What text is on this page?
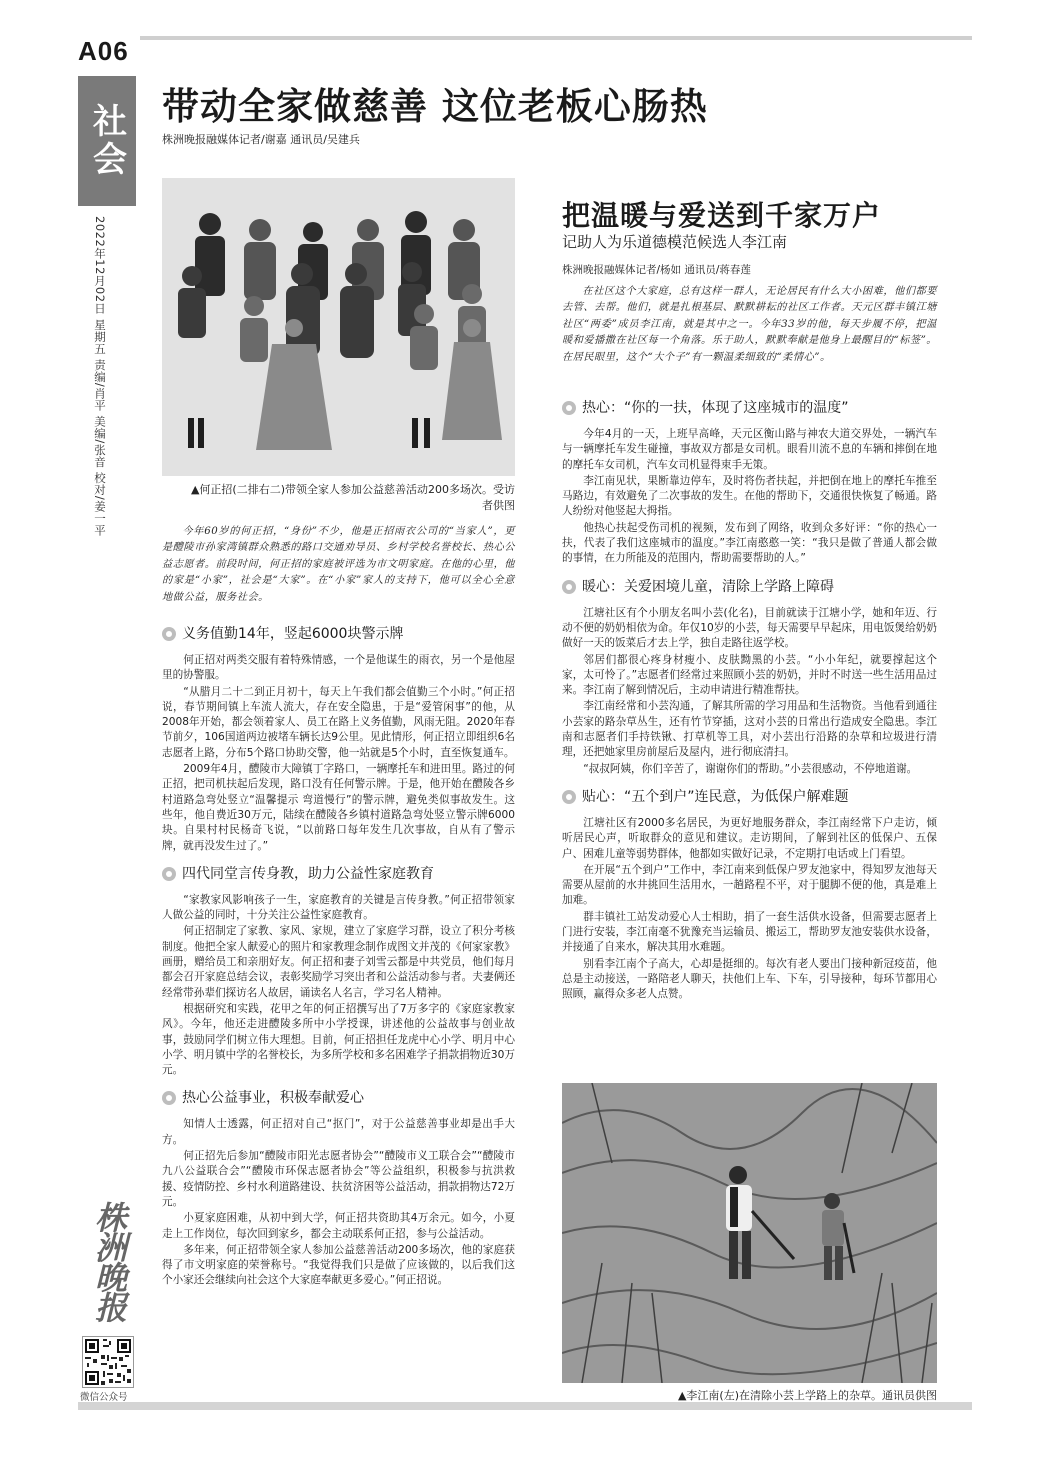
A06
社会
2022年12月02日 星期五 责编/肖平 美编/张音 校对/姜一平
株洲晚报
微信公众号
带动全家做慈善 这位老板心肠热
株洲晚报融媒体记者/谢嘉 通讯员/吴建兵
▲何正招(二排右二)带领全家人参加公益慈善活动200多场次。受访者供图

今年60岁的何正招，“身份”不少，他是正招雨衣公司的“当家人”，更是醴陵市孙家湾镇群众熟悉的路口交通劝导员、乡村学校名誉校长、热心公益志愿者。前段时间，何正招的家庭被评选为市文明家庭。在他的心里，他的家是“小家”，社会是“大家”。在“小家”家人的支持下，他可以全心全意地做公益，服务社会。

义务值勤14年，竖起6000块警示牌

何正招对两类交服有着特殊情感，一个是他谋生的雨衣，另一个是他屋里的协警服。

“从腊月二十二到正月初十，每天上午我们都会值勤三个小时。”何正招说，春节期间镇上车流人流大，存在安全隐患，于是“爱管闲事”的他，从2008年开始，都会领着家人、员工在路上义务值勤，风雨无阻。2020年春节前夕，106国道两边被堵车辆长达9公里。见此情形，何正招立即组织6名志愿者上路，分布5个路口协助交警，他一站就是5个小时，直至恢复通车。

2009年4月，醴陵市大障镇丁字路口，一辆摩托车和进田里。路过的何正招，把司机扶起后发现，路口没有任何警示牌。于是，他开始在醴陵各乡村道路急弯处竖立“温馨提示 弯道慢行”的警示牌，避免类似事故发生。这些年，他自费近30万元，陆续在醴陵各乡镇村道路急弯处竖立警示牌6000块。自果村村民杨奇飞说，“以前路口每年发生几次事故，自从有了警示牌，就再没发生过了。”

四代同堂言传身教，助力公益性家庭教育

“家教家风影响孩子一生，家庭教育的关键是言传身教。”何正招带领家人做公益的同时，十分关注公益性家庭教育。

何正招制定了家教、家风、家规，建立了家庭学习群，设立了积分考核制度。他把全家人献爱心的照片和家教理念制作成图文并茂的《何家家教》画册，赠给员工和亲朋好友。何正招和妻子刘雪云都是中共党员，他们每月都会召开家庭总结会议，表彰奖励学习突出者和公益活动参与者。夫妻俩还经常带孙辈们探访名人故居，诵读名人名言，学习名人精神。

根据研究和实践，花甲之年的何正招撰写出了7万多字的《家庭家教家风》。今年，他还走进醴陵多所中小学授课，讲述他的公益故事与创业故事，鼓励同学们树立伟大理想。目前，何正招担任龙虎中心小学、明月中心小学、明月镇中学的名誉校长，为多所学校和多名困难学子捐款捐物近30万元。

热心公益事业，积极奉献爱心

知情人士透露，何正招对自己“抠门”，对于公益慈善事业却是出手大方。

何正招先后参加“醴陵市阳光志愿者协会”“醴陵市义工联合会”“醴陵市九八公益联合会”“醴陵市环保志愿者协会”等公益组织，积极参与抗洪救援、疫情防控、乡村水利道路建设、扶贫济困等公益活动，捐款捐物达72万元。

小夏家庭困难，从初中到大学，何正招共资助其4万余元。如今，小夏走上工作岗位，每次回到家乡，都会主动联系何正招，参与公益活动。

多年来，何正招带领全家人参加公益慈善活动200多场次，他的家庭获得了市文明家庭的荣誉称号。“我觉得我们只是做了应该做的，以后我们这个小家还会继续向社会这个大家庭奉献更多爱心。”何正招说。

把温暖与爱送到千家万户
记助人为乐道德模范候选人李江南
株洲晚报融媒体记者/杨如 通讯员/蒋春莲

在社区这个大家庭，总有这样一群人，无论居民有什么大小困难，他们都要去管、去帮。他们，就是扎根基层、默默耕耘的社区工作者。天元区群丰镇江塘社区“两委”成员李江南，就是其中之一。今年33岁的他，每天步履不停，把温暖和爱播撒在社区每一个角落。乐于助人，默默奉献是他身上最醒目的“标签”。在居民眼里，这个“大个子”有一颗温柔细致的“柔情心”。

热心：“你的一扶，体现了这座城市的温度”

今年4月的一天，上班早高峰，天元区衡山路与神农大道交界处，一辆汽车与一辆摩托车发生碰撞，事故双方都是女司机。眼看川流不息的车辆和摔倒在地的摩托车女司机，汽车女司机显得束手无策。

李江南见状，果断靠边停车，及时将伤者扶起，并把倒在地上的摩托车推至马路边，有效避免了二次事故的发生。在他的帮助下，交通很快恢复了畅通。路人纷纷对他竖起大拇指。

他热心扶起受伤司机的视频，发布到了网络，收到众多好评：“你的热心一扶，代表了我们这座城市的温度。”李江南憨憨一笑：“我只是做了普通人都会做的事情，在力所能及的范围内，帮助需要帮助的人。”

暖心：关爱困境儿童，清除上学路上障碍

江塘社区有个小朋友名叫小芸(化名)，目前就读于江塘小学，她和年迈、行动不便的奶奶相依为命。年仅10岁的小芸，每天需要早早起床，用电饭煲给奶奶做好一天的饭菜后才去上学，独自走路往返学校。

邻居们都很心疼身材瘦小、皮肤黝黑的小芸。“小小年纪，就要撑起这个家，太可怜了。”志愿者们经常过来照顾小芸的奶奶，并时不时送一些生活用品过来。李江南了解到情况后，主动申请进行精准帮扶。

李江南经常和小芸沟通，了解其所需的学习用品和生活物资。当他看到通往小芸家的路杂草丛生，还有竹节穿插，这对小芸的日常出行造成安全隐患。李江南和志愿者们手持铁锹、打草机等工具，对小芸出行沿路的杂草和垃圾进行清理，还把她家里房前屋后及屋内，进行彻底清扫。

“叔叔阿姨，你们辛苦了，谢谢你们的帮助。”小芸很感动，不停地道谢。

贴心：“五个到户”连民意，为低保户解难题

江塘社区有2000多名居民，为更好地服务群众，李江南经常下户走访，倾听居民心声，听取群众的意见和建议。走访期间，了解到社区的低保户、五保户、困难儿童等弱势群体，他都如实做好记录，不定期打电话或上门看望。

在开展“五个到户”工作中，李江南来到低保户罗友池家中，得知罗友池每天需要从屋前的水井挑回生活用水，一趟路程不平，对于腿脚不便的他，真是难上加难。

群丰镇社工站发动爱心人士相助，捐了一套生活供水设备，但需要志愿者上门进行安装，李江南毫不犹豫充当运输员、搬运工，帮助罗友池安装供水设备，并接通了自来水，解决其用水难题。

别看李江南个子高大，心却是挺细的。每次有老人要出门接种新冠疫苗，他总是主动接送，一路陪老人聊天，扶他们上车、下车，引导接种，每环节都用心照顾，赢得众多老人点赞。

▲李江南(左)在清除小芸上学路上的杂草。通讯员供图
